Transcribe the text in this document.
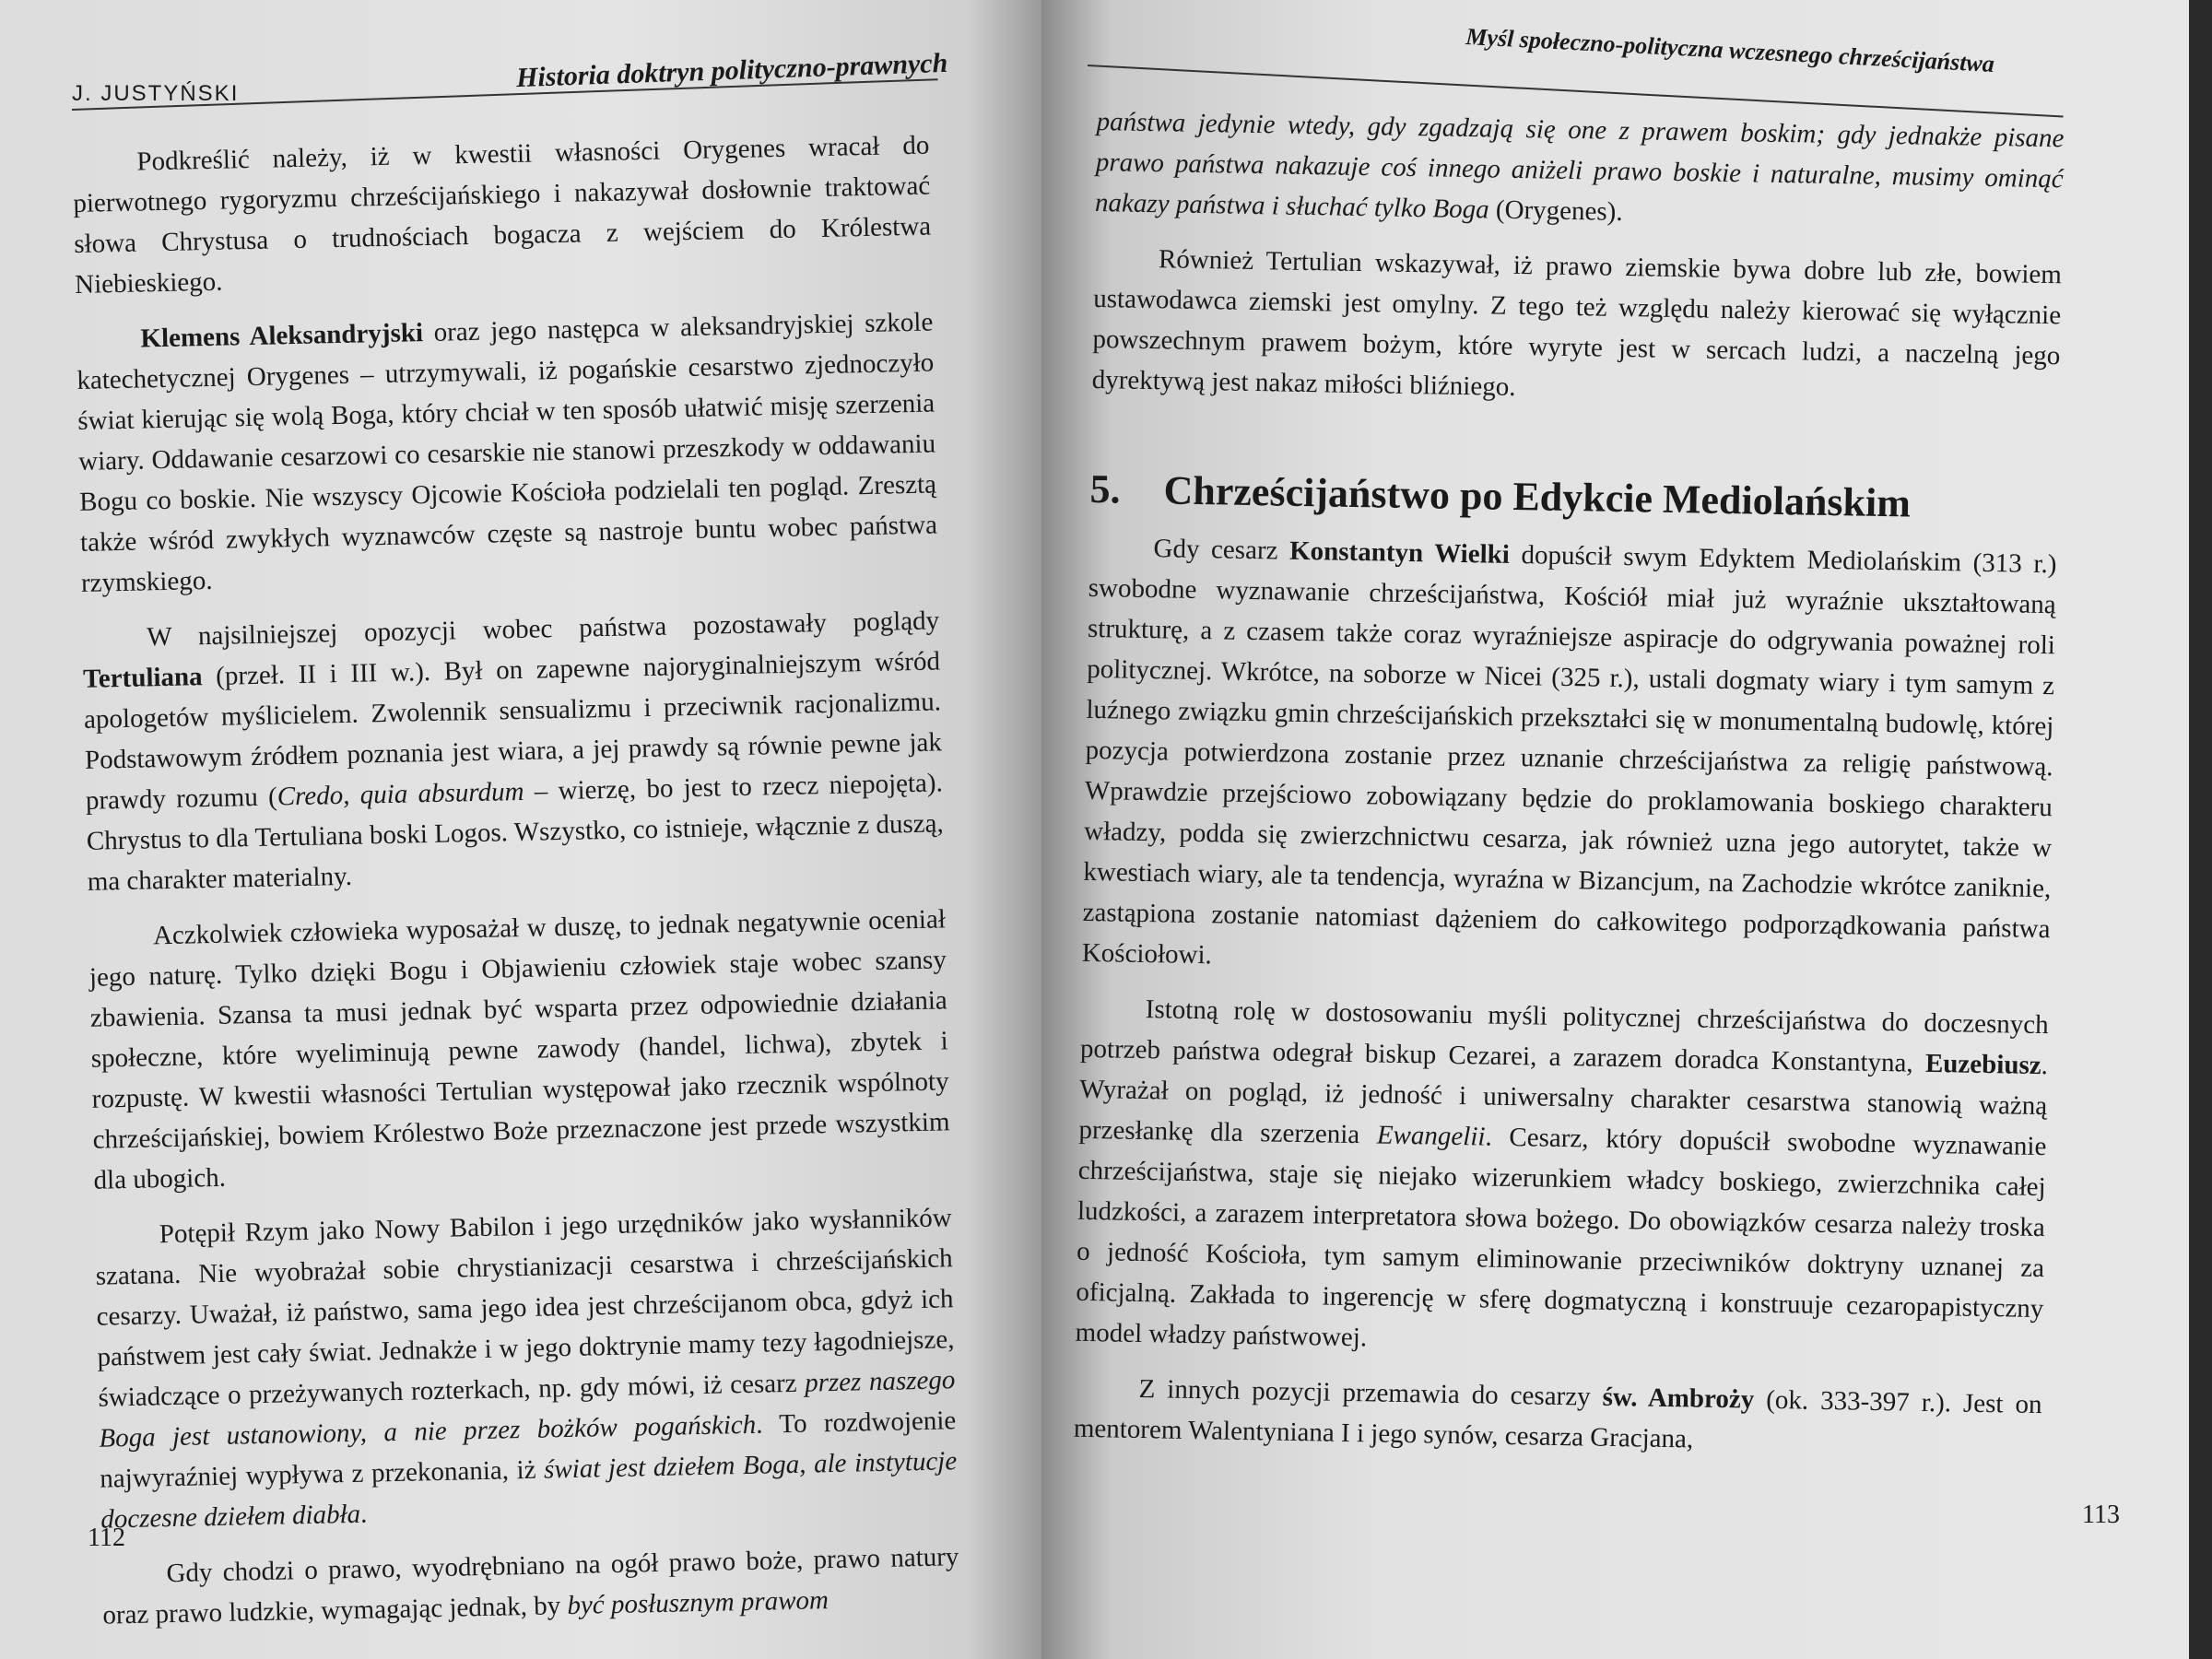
J. JUSTYŃSKI
Historia doktryn polityczno-prawnych

Podkreślić należy, iż w kwestii własności Orygenes wracał do pierwotnego rygoryzmu chrześcijańskiego i nakazywał dosłownie traktować słowa Chrystusa o trudnościach bogacza z wejściem do Królestwa Niebieskiego.

Klemens Aleksandryjski oraz jego następca w aleksandryjskiej szkole katechetycznej Orygenes – utrzymywali, iż pogańskie cesarstwo zjednoczyło świat kierując się wolą Boga, który chciał w ten sposób ułatwić misję szerzenia wiary. Oddawanie cesarzowi co cesarskie nie stanowi przeszkody w oddawaniu Bogu co boskie. Nie wszyscy Ojcowie Kościoła podzielali ten pogląd. Zresztą także wśród zwykłych wyznawców częste są nastroje buntu wobec państwa rzymskiego.

W najsilniejszej opozycji wobec państwa pozostawały poglądy Tertuliana (przeł. II i III w.). Był on zapewne najoryginalniejszym wśród apologetów myślicielem. Zwolennik sensualizmu i przeciwnik racjonalizmu. Podstawowym źródłem poznania jest wiara, a jej prawdy są równie pewne jak prawdy rozumu (Credo, quia absurdum – wierzę, bo jest to rzecz niepojęta). Chrystus to dla Tertuliana boski Logos. Wszystko, co istnieje, włącznie z duszą, ma charakter materialny.

Aczkolwiek człowieka wyposażał w duszę, to jednak negatywnie oceniał jego naturę. Tylko dzięki Bogu i Objawieniu człowiek staje wobec szansy zbawienia. Szansa ta musi jednak być wsparta przez odpowiednie działania społeczne, które wyeliminują pewne zawody (handel, lichwa), zbytek i rozpustę. W kwestii własności Tertulian występował jako rzecznik wspólnoty chrześcijańskiej, bowiem Królestwo Boże przeznaczone jest przede wszystkim dla ubogich.

Potępił Rzym jako Nowy Babilon i jego urzędników jako wysłanników szatana. Nie wyobrażał sobie chrystianizacji cesarstwa i chrześcijańskich cesarzy. Uważał, iż państwo, sama jego idea jest chrześcijanom obca, gdyż ich państwem jest cały świat. Jednakże i w jego doktrynie mamy tezy łagodniejsze, świadczące o przeżywanych rozterkach, np. gdy mówi, iż cesarz przez naszego Boga jest ustanowiony, a nie przez bożków pogańskich. To rozdwojenie najwyraźniej wypływa z przekonania, iż świat jest dziełem Boga, ale instytucje doczesne dziełem diabła.

Gdy chodzi o prawo, wyodrębniano na ogół prawo boże, prawo natury oraz prawo ludzkie, wymagając jednak, by być posłusznym prawom

112
Myśl społeczno-polityczna wczesnego chrześcijaństwa

państwa jedynie wtedy, gdy zgadzają się one z prawem boskim; gdy jednakże pisane prawo państwa nakazuje coś innego aniżeli prawo boskie i naturalne, musimy ominąć nakazy państwa i słuchać tylko Boga (Orygenes).

Również Tertulian wskazywał, iż prawo ziemskie bywa dobre lub złe, bowiem ustawodawca ziemski jest omylny. Z tego też względu należy kierować się wyłącznie powszechnym prawem bożym, które wyryte jest w sercach ludzi, a naczelną jego dyrektywą jest nakaz miłości bliźniego.

5. Chrześcijaństwo po Edykcie Mediolańskim

Gdy cesarz Konstantyn Wielki dopuścił swym Edyktem Mediolańskim (313 r.) swobodne wyznawanie chrześcijaństwa, Kościół miał już wyraźnie ukształtowaną strukturę, a z czasem także coraz wyraźniejsze aspiracje do odgrywania poważnej roli politycznej. Wkrótce, na soborze w Nicei (325 r.), ustali dogmaty wiary i tym samym z luźnego związku gmin chrześcijańskich przekształci się w monumentalną budowlę, której pozycja potwierdzona zostanie przez uznanie chrześcijaństwa za religię państwową. Wprawdzie przejściowo zobowiązany będzie do proklamowania boskiego charakteru władzy, podda się zwierzchnictwu cesarza, jak również uzna jego autorytet, także w kwestiach wiary, ale ta tendencja, wyraźna w Bizancjum, na Zachodzie wkrótce zaniknie, zastąpiona zostanie natomiast dążeniem do całkowitego podporządkowania państwa Kościołowi.

Istotną rolę w dostosowaniu myśli politycznej chrześcijaństwa do doczesnych potrzeb państwa odegrał biskup Cezarei, a zarazem doradca Konstantyna, Euzebiusz. Wyrażał on pogląd, iż jedność i uniwersalny charakter cesarstwa stanowią ważną przesłankę dla szerzenia Ewangelii. Cesarz, który dopuścił swobodne wyznawanie chrześcijaństwa, staje się niejako wizerunkiem władcy boskiego, zwierzchnika całej ludzkości, a zarazem interpretatora słowa bożego. Do obowiązków cesarza należy troska o jedność Kościoła, tym samym eliminowanie przeciwników doktryny uznanej za oficjalną. Zakłada to ingerencję w sferę dogmatyczną i konstruuje cezaropapistyczny model władzy państwowej.

Z innych pozycji przemawia do cesarzy św. Ambroży (ok. 333-397 r.). Jest on mentorem Walentyniana I i jego synów, cesarza Gracjana,

113
